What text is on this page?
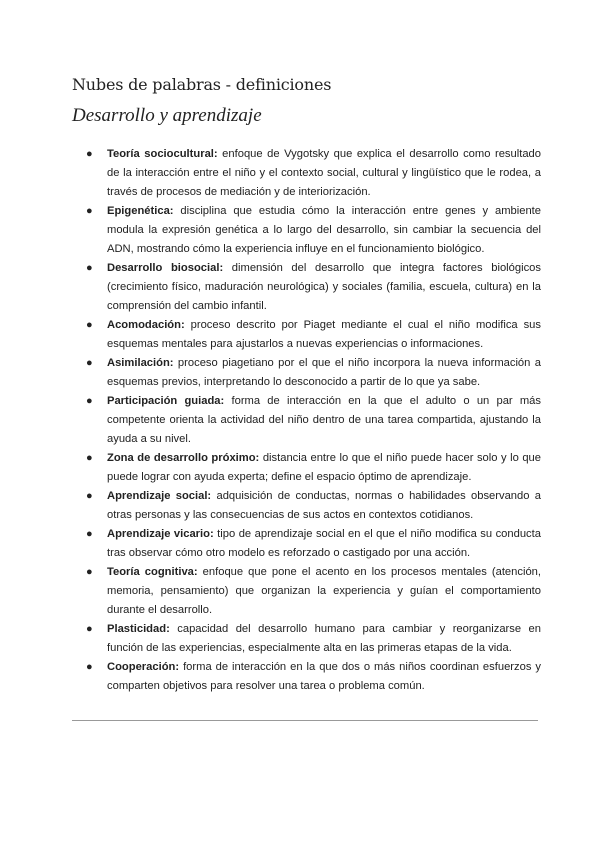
Nubes de palabras - definiciones
Desarrollo y aprendizaje
● Teoría sociocultural: enfoque de Vygotsky que explica el desarrollo como resultado de la interacción entre el niño y el contexto social, cultural y lingüístico que le rodea, a través de procesos de mediación y de interiorización.
● Epigenética: disciplina que estudia cómo la interacción entre genes y ambiente modula la expresión genética a lo largo del desarrollo, sin cambiar la secuencia del ADN, mostrando cómo la experiencia influye en el funcionamiento biológico.
● Desarrollo biosocial: dimensión del desarrollo que integra factores biológicos (crecimiento físico, maduración neurológica) y sociales (familia, escuela, cultura) en la comprensión del cambio infantil.
● Acomodación: proceso descrito por Piaget mediante el cual el niño modifica sus esquemas mentales para ajustarlos a nuevas experiencias o informaciones.
● Asimilación: proceso piagetiano por el que el niño incorpora la nueva información a esquemas previos, interpretando lo desconocido a partir de lo que ya sabe.
● Participación guiada: forma de interacción en la que el adulto o un par más competente orienta la actividad del niño dentro de una tarea compartida, ajustando la ayuda a su nivel.
● Zona de desarrollo próximo: distancia entre lo que el niño puede hacer solo y lo que puede lograr con ayuda experta; define el espacio óptimo de aprendizaje.
● Aprendizaje social: adquisición de conductas, normas o habilidades observando a otras personas y las consecuencias de sus actos en contextos cotidianos.
● Aprendizaje vicario: tipo de aprendizaje social en el que el niño modifica su conducta tras observar cómo otro modelo es reforzado o castigado por una acción.
● Teoría cognitiva: enfoque que pone el acento en los procesos mentales (atención, memoria, pensamiento) que organizan la experiencia y guían el comportamiento durante el desarrollo.
● Plasticidad: capacidad del desarrollo humano para cambiar y reorganizarse en función de las experiencias, especialmente alta en las primeras etapas de la vida.
● Cooperación: forma de interacción en la que dos o más niños coordinan esfuerzos y comparten objetivos para resolver una tarea o problema común.
